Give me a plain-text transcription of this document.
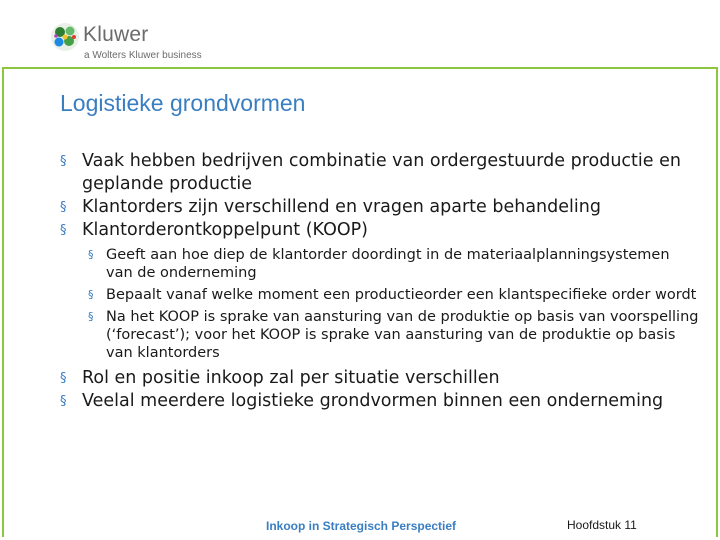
Kluwer
a Wolters Kluwer business
Logistieke grondvormen
§ Vaak hebben bedrijven combinatie van ordergestuurde productie en geplande productie
§ Klantorders zijn verschillend en vragen aparte behandeling
§ Klantorderontkoppelpunt (KOOP)
§ Geeft aan hoe diep de klantorder doordingt in de materiaalplanningsystemen van de onderneming
§ Bepaalt vanaf welke moment een productieorder een klantspecifieke order wordt
§ Na het KOOP is sprake van aansturing van de produktie op basis van voorspelling (‘forecast’); voor het KOOP is sprake van aansturing van de produktie op basis van klantorders
§ Rol en positie inkoop zal per situatie verschillen
§ Veelal meerdere logistieke grondvormen binnen een onderneming
Inkoop in Strategisch Perspectief	Hoofdstuk 11
